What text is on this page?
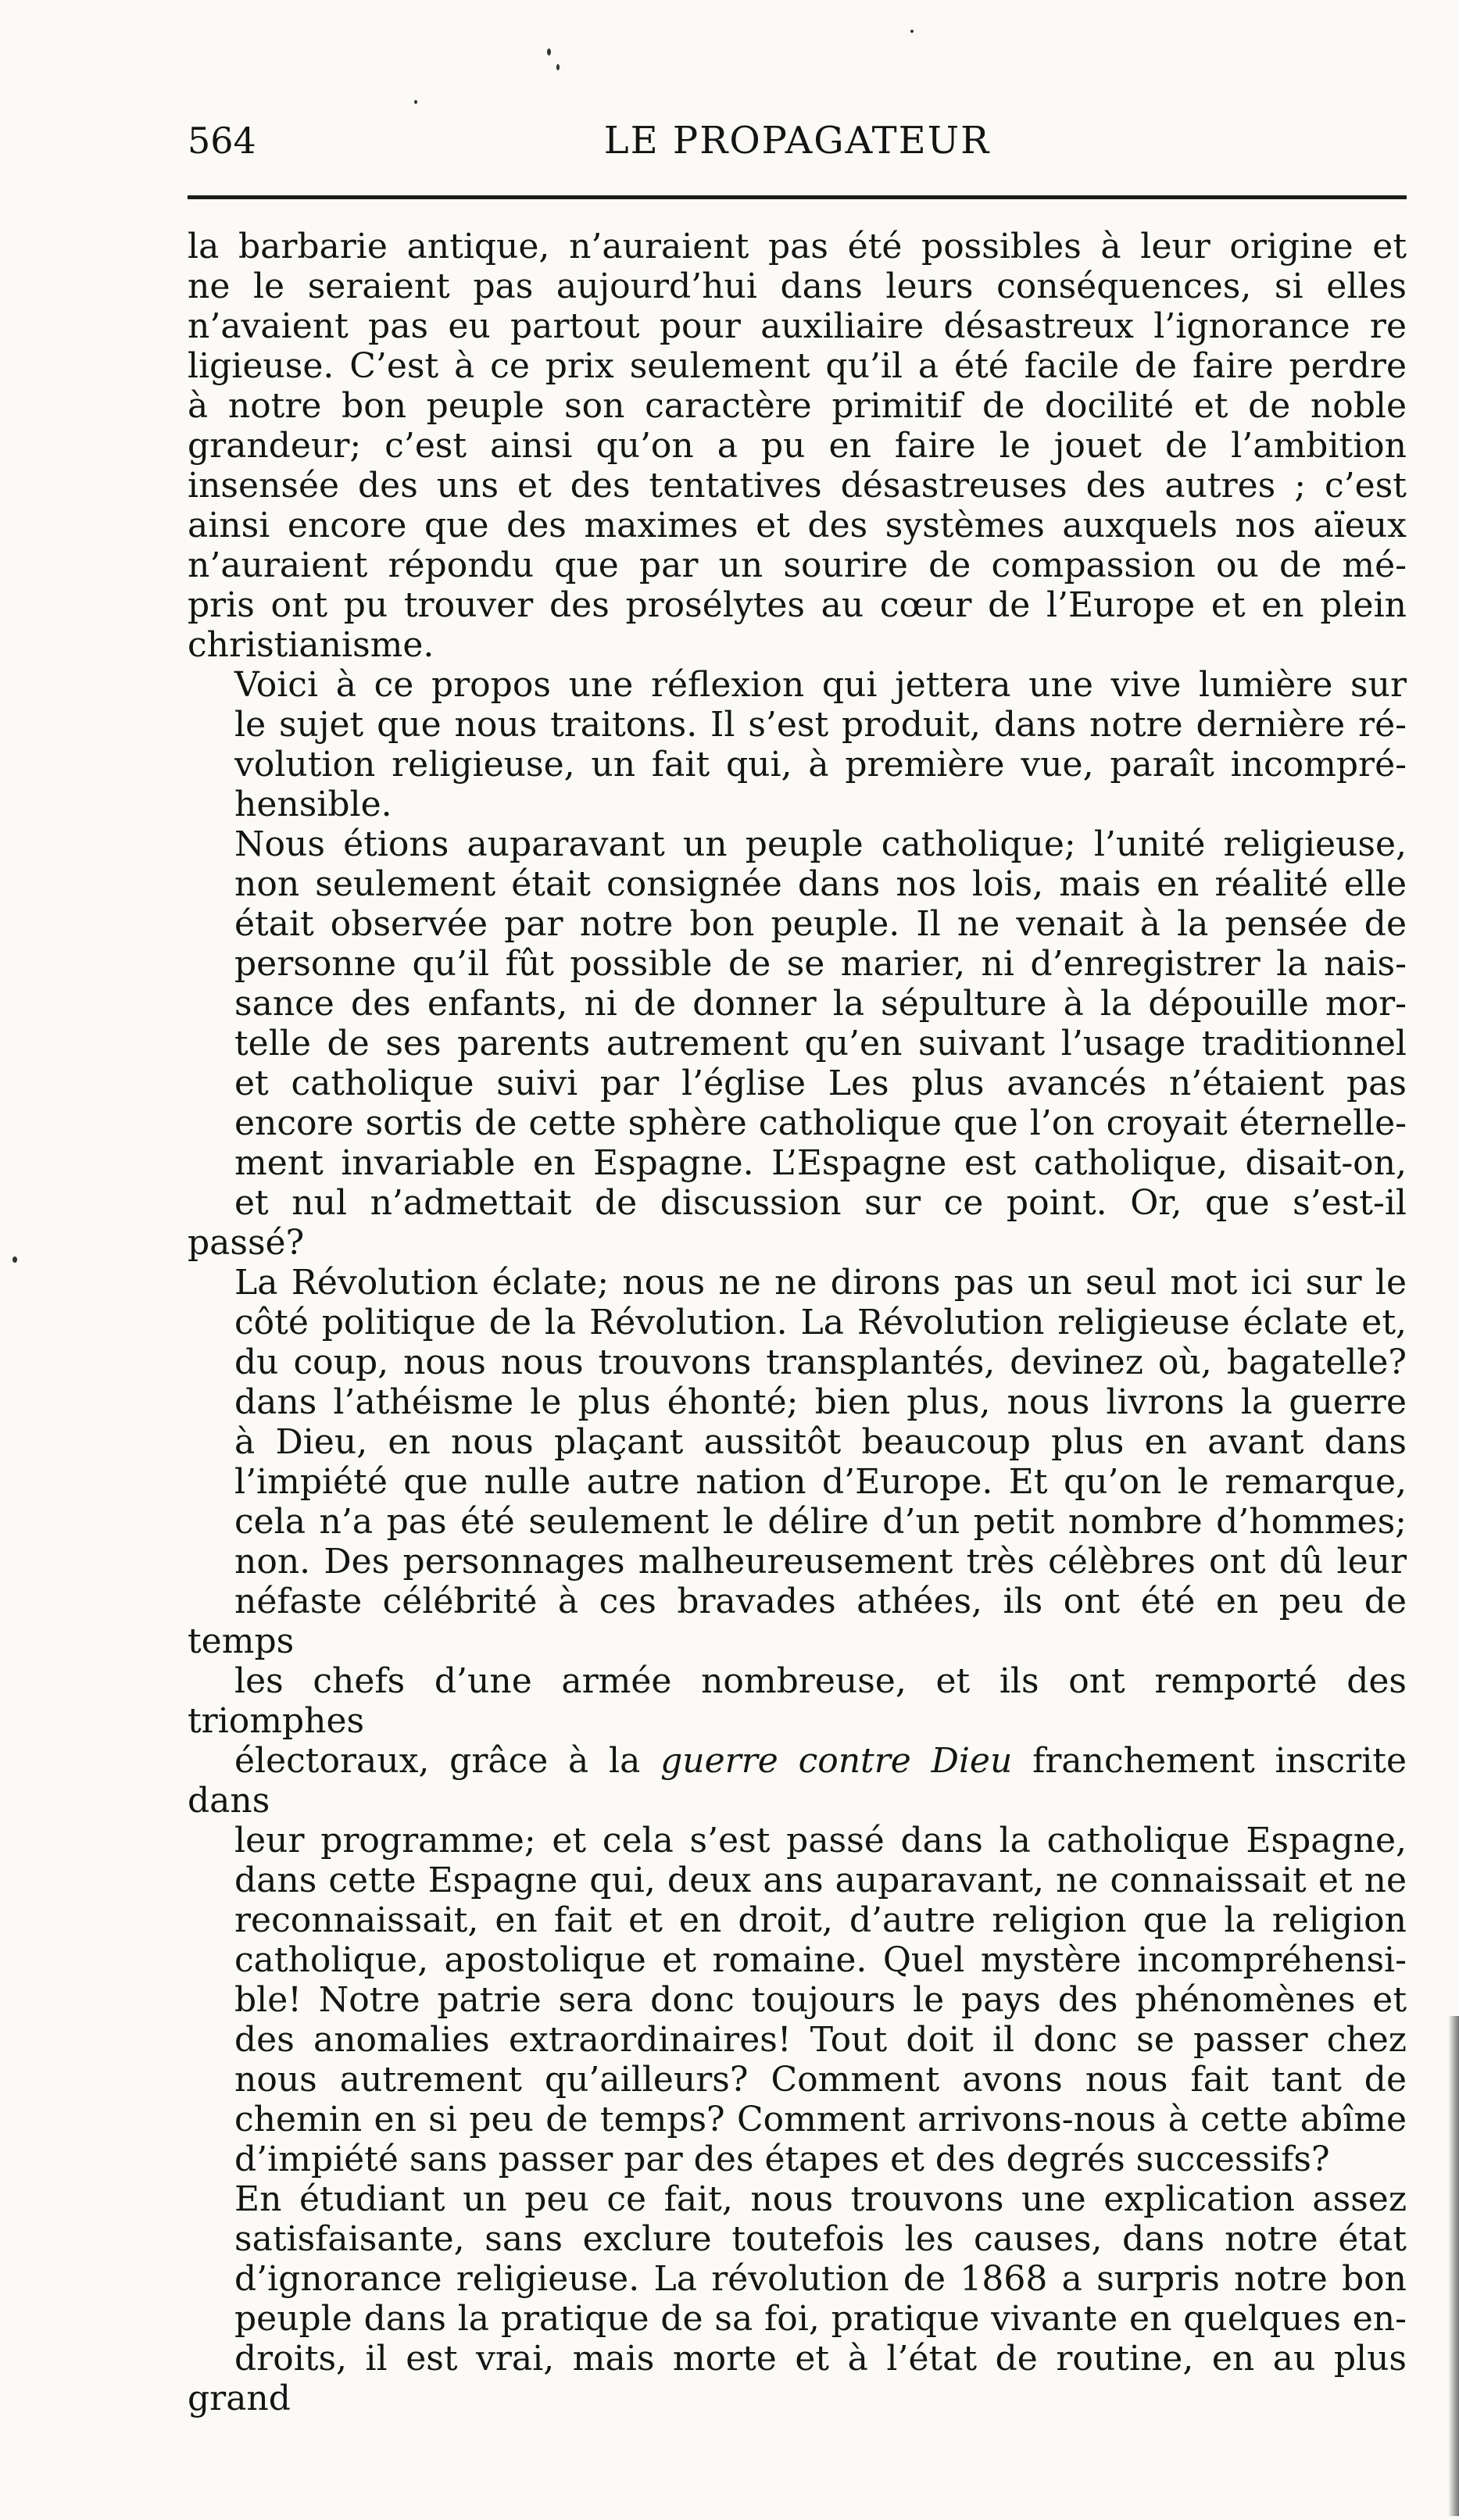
564	LE PROPAGATEUR

la barbarie antique, n’auraient pas été possibles à leur origine et
ne le seraient pas aujourd’hui dans leurs conséquences, si elles
n’avaient pas eu partout pour auxiliaire désastreux l’ignorance re
ligieuse. C’est à ce prix seulement qu’il a été facile de faire perdre
à notre bon peuple son caractère primitif de docilité et de noble
grandeur; c’est ainsi qu’on a pu en faire le jouet de l’ambition
insensée des uns et des tentatives désastreuses des autres ; c’est
ainsi encore que des maximes et des systèmes auxquels nos aïeux
n’auraient répondu que par un sourire de compassion ou de mé-
pris ont pu trouver des prosélytes au cœur de l’Europe et en plein
christianisme.

Voici à ce propos une réflexion qui jettera une vive lumière sur
le sujet que nous traitons. Il s’est produit, dans notre dernière ré-
volution religieuse, un fait qui, à première vue, paraît incompré-
hensible.

Nous étions auparavant un peuple catholique; l’unité religieuse,
non seulement était consignée dans nos lois, mais en réalité elle
était observée par notre bon peuple. Il ne venait à la pensée de
personne qu’il fût possible de se marier, ni d’enregistrer la nais-
sance des enfants, ni de donner la sépulture à la dépouille mor-
telle de ses parents autrement qu’en suivant l’usage traditionnel
et catholique suivi par l’église Les plus avancés n’étaient pas
encore sortis de cette sphère catholique que l’on croyait éternelle-
ment invariable en Espagne. L’Espagne est catholique, disait-on,
et nul n’admettait de discussion sur ce point. Or, que s’est-il passé?
La Révolution éclate; nous ne ne dirons pas un seul mot ici sur le
côté politique de la Révolution. La Révolution religieuse éclate et,
du coup, nous nous trouvons transplantés, devinez où, bagatelle?
dans l’athéisme le plus éhonté; bien plus, nous livrons la guerre
à Dieu, en nous plaçant aussitôt beaucoup plus en avant dans
l’impiété que nulle autre nation d’Europe. Et qu’on le remarque,
cela n’a pas été seulement le délire d’un petit nombre d’hommes;
non. Des personnages malheureusement très célèbres ont dû leur
néfaste célébrité à ces bravades athées, ils ont été en peu de temps
les chefs d’une armée nombreuse, et ils ont remporté des triomphes
électoraux, grâce à la guerre contre Dieu franchement inscrite dans
leur programme; et cela s’est passé dans la catholique Espagne,
dans cette Espagne qui, deux ans auparavant, ne connaissait et ne
reconnaissait, en fait et en droit, d’autre religion que la religion
catholique, apostolique et romaine. Quel mystère incompréhensi-
ble! Notre patrie sera donc toujours le pays des phénomènes et
des anomalies extraordinaires! Tout doit il donc se passer chez
nous autrement qu’ailleurs? Comment avons nous fait tant de
chemin en si peu de temps? Comment arrivons-nous à cette abîme
d’impiété sans passer par des étapes et des degrés successifs?

En étudiant un peu ce fait, nous trouvons une explication assez
satisfaisante, sans exclure toutefois les causes, dans notre état
d’ignorance religieuse. La révolution de 1868 a surpris notre bon
peuple dans la pratique de sa foi, pratique vivante en quelques en-
droits, il est vrai, mais morte et à l’état de routine, en au plus grand
